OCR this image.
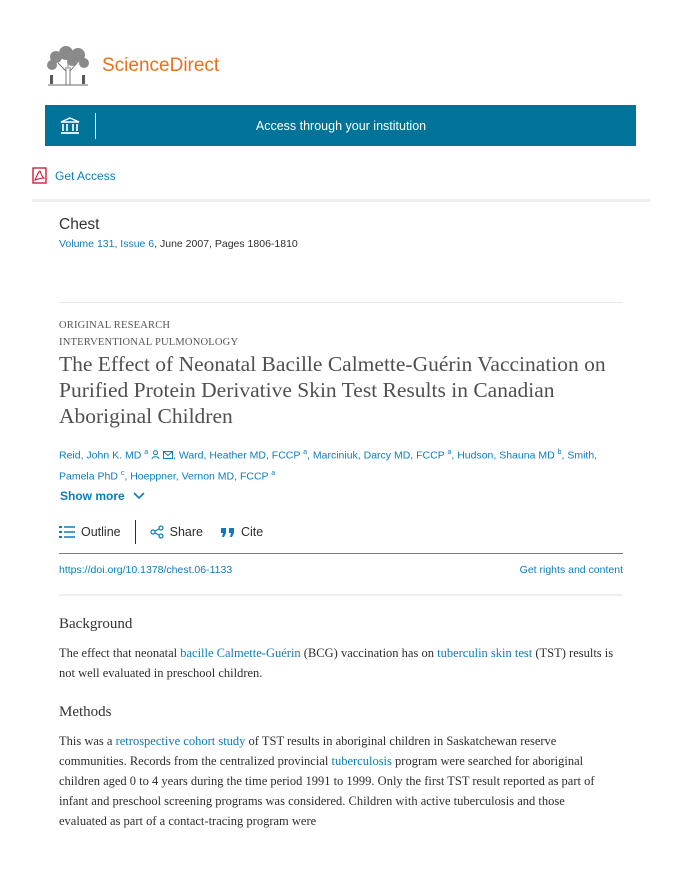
ScienceDirect
Access through your institution
Get Access
Chest
Volume 131, Issue 6, June 2007, Pages 1806-1810
ORIGINAL RESEARCH
INTERVENTIONAL PULMONOLOGY
The Effect of Neonatal Bacille Calmette-Guérin Vaccination on Purified Protein Derivative Skin Test Results in Canadian Aboriginal Children
Reid, John K. MD $^a$ , Ward, Heather MD, FCCP $^a$, Marciniuk, Darcy MD, FCCP $^a$, Hudson, Shauna MD $^b$, Smith, Pamela PhD $^c$, Hoeppner, Vernon MD, FCCP $^a$
Show more
Outline	Share	Cite
https://doi.org/10.1378/chest.06-1133	Get rights and content
Background
The effect that neonatal bacille Calmette-Guérin (BCG) vaccination has on tuberculin skin test (TST) results is not well evaluated in preschool children.
Methods
This was a retrospective cohort study of TST results in aboriginal children in Saskatchewan reserve communities. Records from the centralized provincial tuberculosis program were searched for aboriginal children aged 0 to 4 years during the time period 1991 to 1999. Only the first TST result reported as part of infant and preschool screening programs was considered. Children with active tuberculosis and those evaluated as part of a contact-tracing program were
